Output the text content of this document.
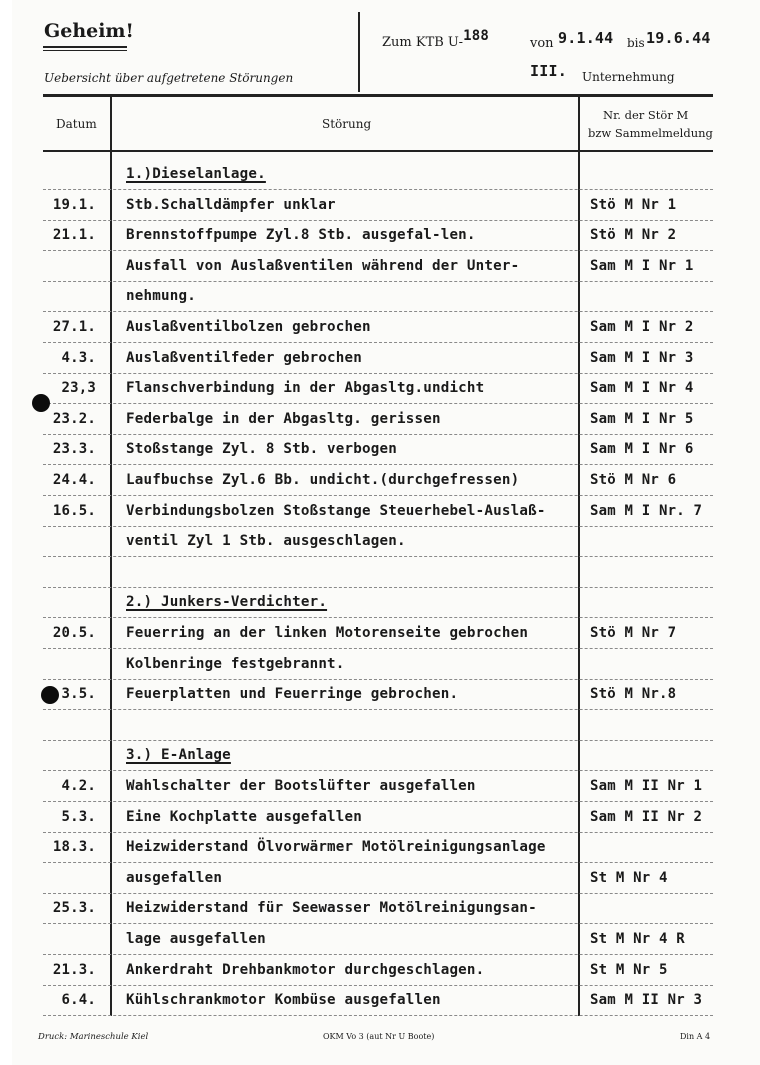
Geheim!
Uebersicht über aufgetretene Störungen
Zum KTB U-188	von 9.1.44 bis 19.6.44
III. Unternehmung
Datum	Störung
Nr. der Stör M
bzw Sammelmeldung
1.)Dieselanlage.
19.1. Stb.Schalldämpfer unklar	Stö M Nr 1
21.1. Brennstoffpumpe Zyl.8 Stb. ausgefal-len.	Stö M Nr 2
Ausfall von Auslaßventilen während der Unter-	Sam M I Nr 1
nehmung.
27.1. Auslaßventilbolzen gebrochen	Sam M I Nr 2
4.3. Auslaßventilfeder gebrochen	Sam M I Nr 3
23,3 Flanschverbindung in der Abgasltg.undicht	Sam M I Nr 4
23.2. Federbalge in der Abgasltg. gerissen	Sam M I Nr 5
23.3. Stoßstange Zyl. 8 Stb. verbogen	Sam M I Nr 6
24.4. Laufbuchse Zyl.6 Bb. undicht.(durchgefressen)	Stö M Nr 6
16.5. Verbindungsbolzen Stoßstange Steuerhebel-Auslaß-	Sam M I Nr. 7
ventil Zyl 1 Stb. ausgeschlagen.
2.) Junkers-Verdichter.
20.5. Feuerring an der linken Motorenseite gebrochen	Stö M Nr 7
Kolbenringe festgebrannt.
3.5. Feuerplatten und Feuerringe gebrochen.	Stö M Nr.8
3.) E-Anlage
4.2. Wahlschalter der Bootslüfter ausgefallen	Sam M II Nr 1
5.3. Eine Kochplatte ausgefallen	Sam M II Nr 2
18.3. Heizwiderstand Ölvorwärmer Motölreinigungsanlage
ausgefallen	St M Nr 4
25.3. Heizwiderstand für Seewasser Motölreinigungsan-
lage ausgefallen	St M Nr 4 R
21.3. Ankerdraht Drehbankmotor durchgeschlagen.	St M Nr 5
6.4. Kühlschrankmotor Kombüse ausgefallen	Sam M II Nr 3
Druck: Marineschule Kiel	OKM Vo 3 (aut Nr U Boote)	Din A 4
